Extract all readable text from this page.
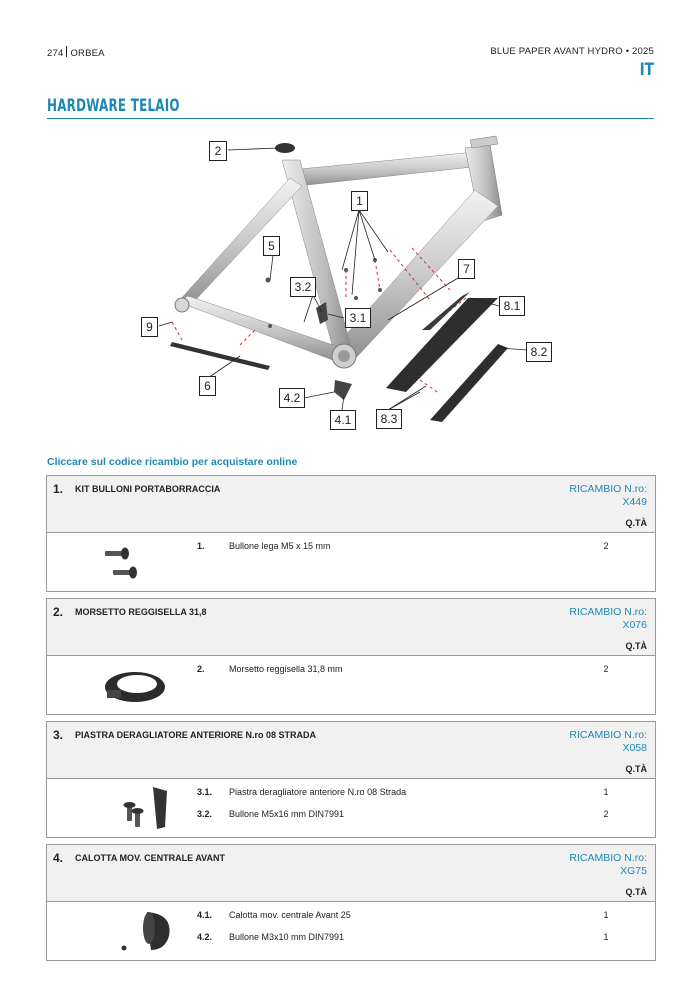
274 ORBEA	BLUE PAPER AVANT HYDRO • 2025
IT
HARDWARE TELAIO
2
1
5
7
3.2
8.1
3.1
9
8.2
6
4.2
4.1	8.3
Cliccare sul codice ricambio per acquistare online
1. KIT BULLONI PORTABORRACCIA	RICAMBIO N.ro:
X449
Q.TÀ
1.	Bullone lega M5 x 15 mm	2
2. MORSETTO REGGISELLA 31,8	RICAMBIO N.ro:
X076
Q.TÀ
2.	Morsetto reggisella 31,8 mm	2
3. PIASTRA DERAGLIATORE ANTERIORE N.ro 08 STRADA	RICAMBIO N.ro:
X058
Q.TÀ
3.1. Piastra deragliatore anteriore N.ro 08 Strada	1
3.2. Bullone M5x16 mm DIN7991	2
4. CALOTTA MOV. CENTRALE AVANT	RICAMBIO N.ro:
XG75
Q.TÀ
4.1. Calotta mov. centrale Avant 25	1
4.2. Bullone M3x10 mm DIN7991	1
